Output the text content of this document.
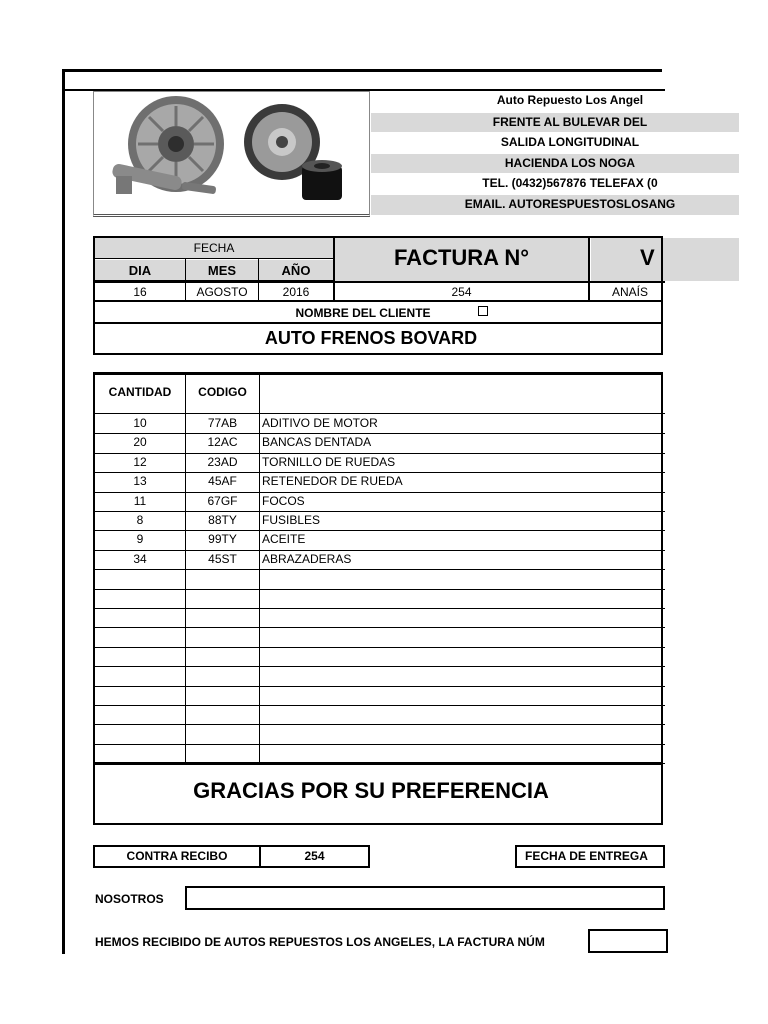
Auto Repuesto Los Angel
FRENTE AL BULEVAR DEL
SALIDA LONGITUDINAL
HACIENDA LOS NOGA
TEL. (0432)567876 TELEFAX (0
EMAIL. AUTORESPUESTOSLOSANG
FECHA
DIA	MES	AÑO
FACTURA N°	V
16	AGOSTO	2016	254	ANAÍS
NOMBRE DEL CLIENTE
AUTO FRENOS BOVARD
CANTIDAD	CODIGO
10	77AB	ADITIVO DE MOTOR
20	12AC	BANCAS DENTADA
12	23AD	TORNILLO DE RUEDAS
13	45AF	RETENEDOR DE RUEDA
11	67GF	FOCOS
8	88TY	FUSIBLES
9	99TY	ACEITE
34	45ST	ABRAZADERAS
GRACIAS POR SU PREFERENCIA
CONTRA RECIBO	254	FECHA DE ENTREGA
NOSOTROS
HEMOS RECIBIDO DE AUTOS REPUESTOS LOS ANGELES, LA FACTURA NÚM
